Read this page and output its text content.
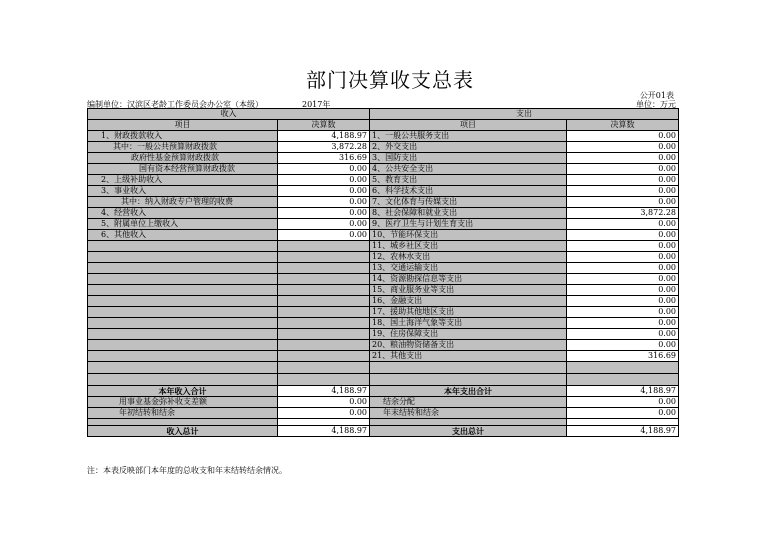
部门决算收支总表
公开01表
编制单位：汉滨区老龄工作委员会办公室（本级）	2017年	单位：万元
收入		支出	
项目	决算数	项目	决算数
1、财政拨款收入	4,188.97	1、一般公共服务支出	0.00
其中：一般公共预算财政拨款	3,872.28	2、外交支出	0.00
政府性基金预算财政拨款	316.69	3、国防支出	0.00
国有资本经营预算财政拨款	0.00	4、公共安全支出	0.00
2、上级补助收入	0.00	5、教育支出	0.00
3、事业收入	0.00	6、科学技术支出	0.00
其中：纳入财政专户管理的收费	0.00	7、文化体育与传媒支出	0.00
4、经营收入	0.00	8、社会保障和就业支出	3,872.28
5、附属单位上缴收入	0.00	9、医疗卫生与计划生育支出	0.00
6、其他收入	0.00	10、节能环保支出	0.00
		11、城乡社区支出	0.00
		12、农林水支出	0.00
		13、交通运输支出	0.00
		14、资源勘探信息等支出	0.00
		15、商业服务业等支出	0.00
		16、金融支出	0.00
		17、援助其他地区支出	0.00
		18、国土海洋气象等支出	0.00
		19、住房保障支出	0.00
		20、粮油物资储备支出	0.00
		21、其他支出	316.69

本年收入合计	4,188.97	本年支出合计	4,188.97
用事业基金弥补收支差额	0.00	结余分配	0.00
年初结转和结余	0.00	年末结转和结余	0.00

收入总计	4,188.97	支出总计	4,188.97
注：本表反映部门本年度的总收支和年末结转结余情况。
